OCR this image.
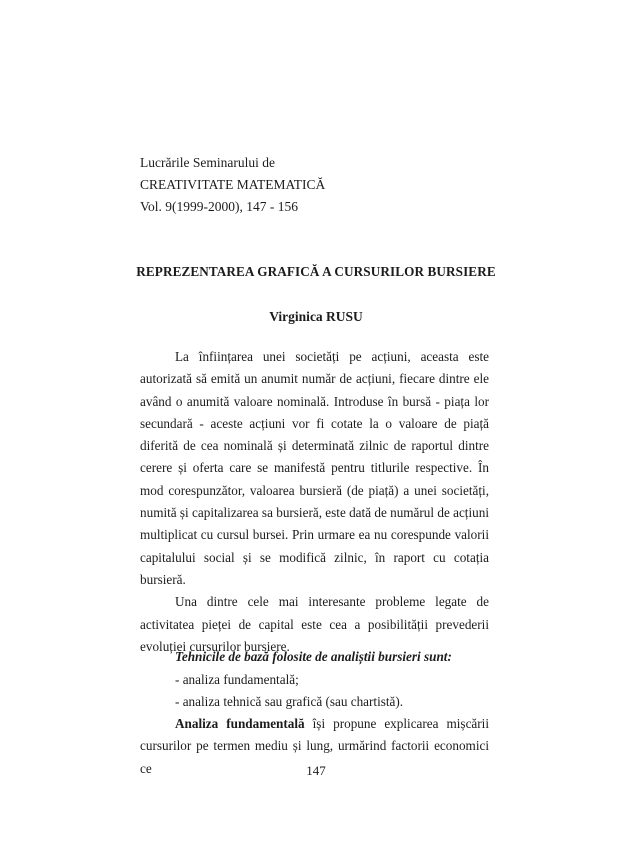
Lucrările Seminarului de
CREATIVITATE MATEMATICĂ
Vol. 9(1999-2000), 147 - 156
REPREZENTAREA GRAFICĂ A CURSURILOR BURSIERE
Virginica RUSU

La înființarea unei societăți pe acțiuni, aceasta este autorizată să emită un anumit număr de acțiuni, fiecare dintre ele având o anumită valoare nominală. Introduse în bursă - piața lor secundară - aceste acțiuni vor fi cotate la o valoare de piață diferită de cea nominală și determinată zilnic de raportul dintre cerere și oferta care se manifestă pentru titlurile respective. În mod corespunzător, valoarea bursieră (de piață) a unei societăți, numită și capitalizarea sa bursieră, este dată de numărul de acțiuni multiplicat cu cursul bursei. Prin urmare ea nu corespunde valorii capitalului social și se modifică zilnic, în raport cu cotația bursieră.

Una dintre cele mai interesante probleme legate de activitatea pieței de capital este cea a posibilității prevederii evoluției cursurilor bursiere.

Tehnicile de bază folosite de analiștii bursieri sunt:
- analiza fundamentală;
- analiza tehnică sau grafică (sau chartistă).

Analiza fundamentală își propune explicarea mișcării cursurilor pe termen mediu și lung, urmărind factorii economici ce	147
